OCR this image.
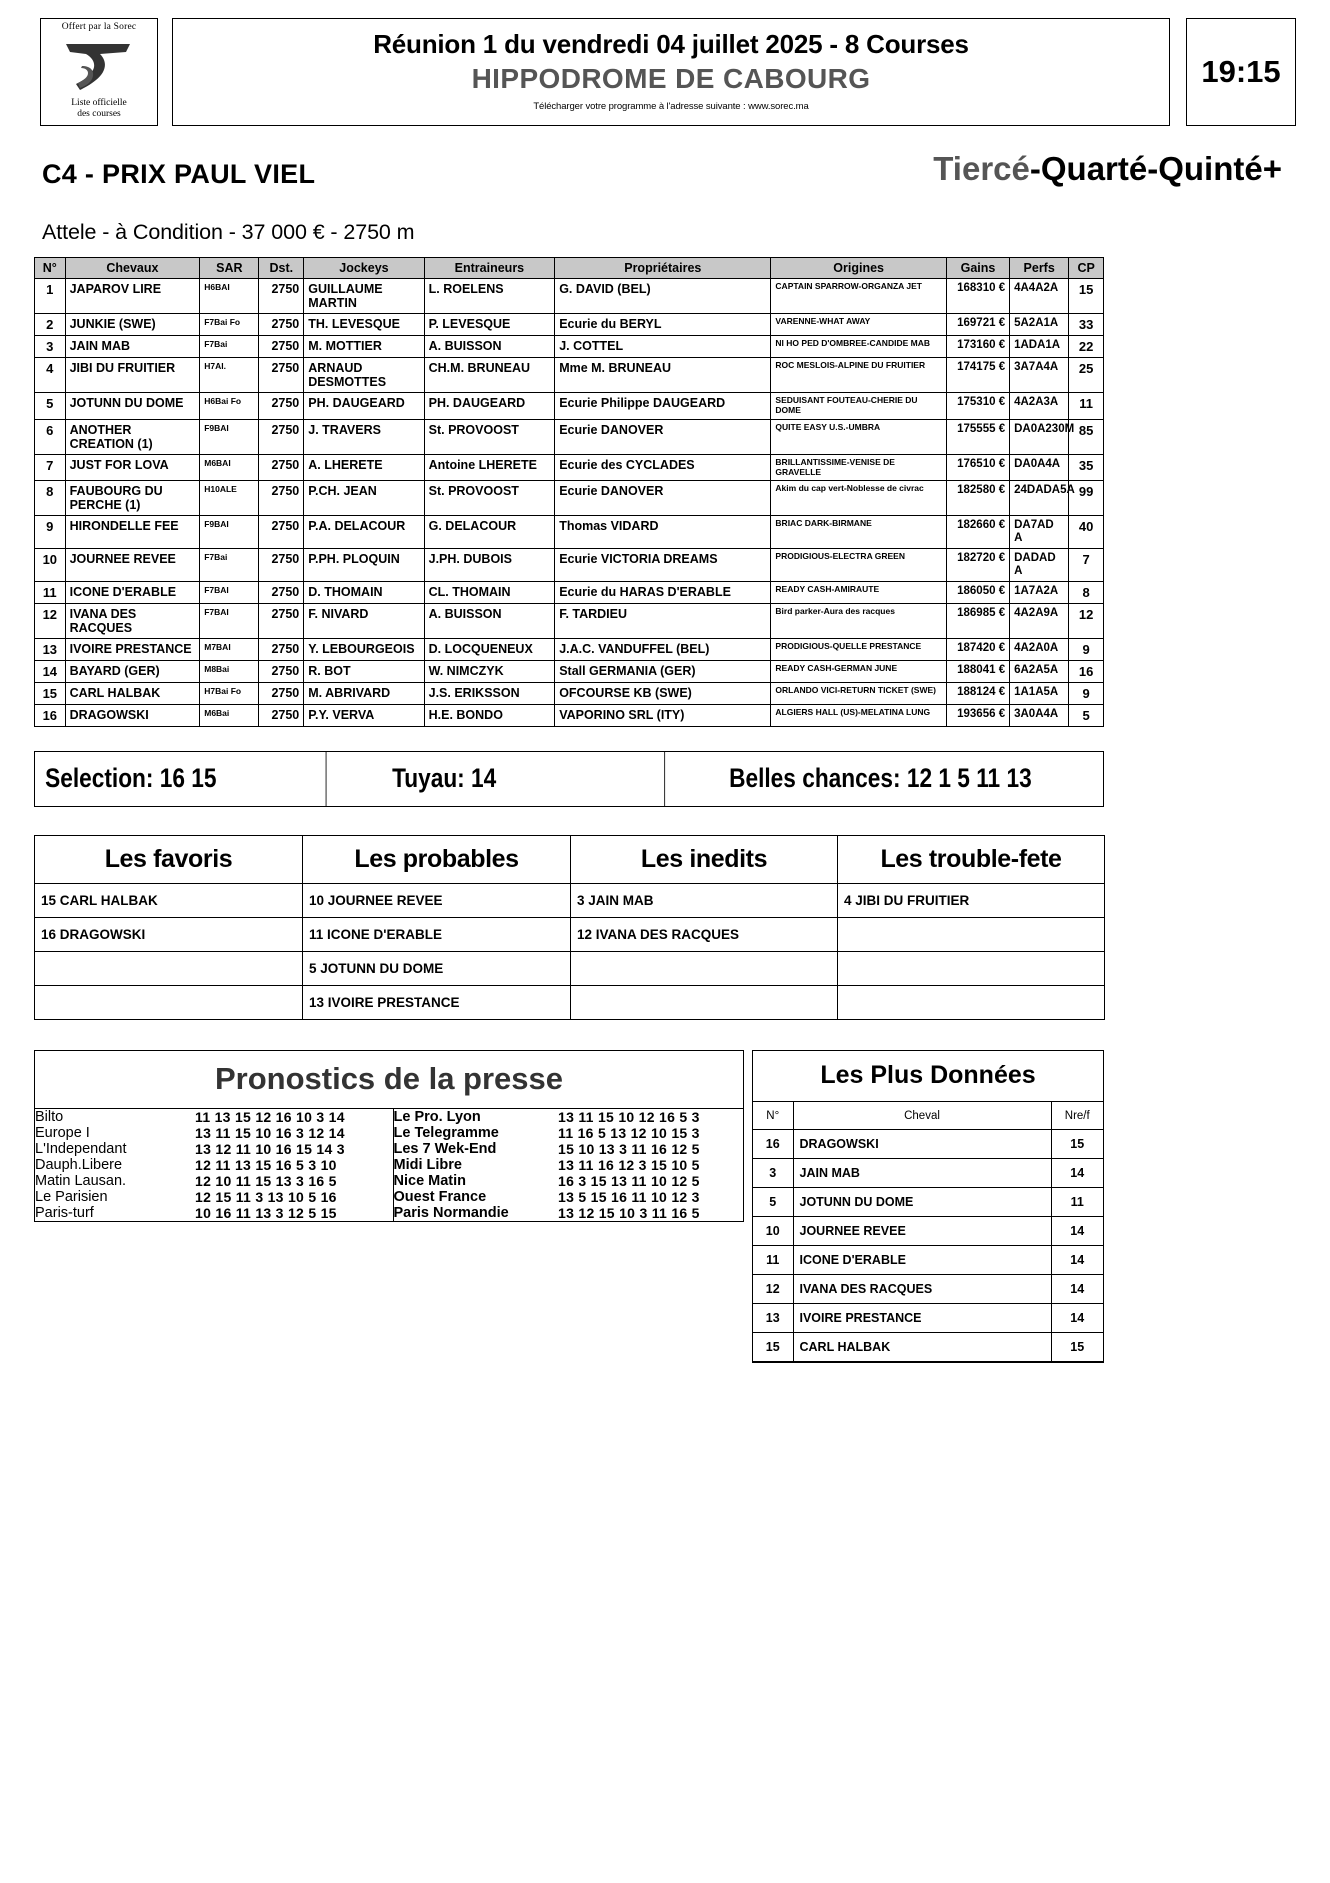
Offert par la Sorec
Liste officielle
des courses
Réunion 1 du vendredi 04 juillet 2025 - 8 Courses
HIPPODROME DE CABOURG
Télécharger votre programme à l'adresse suivante : www.sorec.ma
19:15
Tiercé-Quarté-Quinté+
C4 - PRIX PAUL VIEL
Attele - à Condition - 37 000 € - 2750 m
N°	Chevaux	SAR	Dst.	Jockeys	Entraineurs	Propriétaires	Origines	Gains	Perfs	CP
1	JAPAROV LIRE	H6BAI	2750	GUILLAUME MARTIN	L. ROELENS	G. DAVID (BEL)	CAPTAIN SPARROW-ORGANZA JET	168310 €	4A4A2A	15
2	JUNKIE (SWE)	F7Bai Fo	2750	TH. LEVESQUE	P. LEVESQUE	Ecurie du BERYL	VARENNE-WHAT AWAY	169721 €	5A2A1A	33
3	JAIN MAB	F7Bai	2750	M. MOTTIER	A. BUISSON	J. COTTEL	NI HO PED D'OMBREE-CANDIDE MAB	173160 €	1ADA1A	22
4	JIBI DU FRUITIER	H7AI.	2750	ARNAUD DESMOTTES	CH.M. BRUNEAU	Mme M. BRUNEAU	ROC MESLOIS-ALPINE DU FRUITIER	174175 €	3A7A4A	25
5	JOTUNN DU DOME	H6Bai Fo	2750	PH. DAUGEARD	PH. DAUGEARD	Ecurie Philippe DAUGEARD	SEDUISANT FOUTEAU-CHERIE DU DOME	175310 €	4A2A3A	11
6	ANOTHER CREATION (1)	F9BAI	2750	J. TRAVERS	St. PROVOOST	Ecurie DANOVER	QUITE EASY U.S.-UMBRA	175555 €	DA0A230M	85
7	JUST FOR LOVA	M6BAI	2750	A. LHERETE	Antoine LHERETE	Ecurie des CYCLADES	BRILLANTISSIME-VENISE DE GRAVELLE	176510 €	DA0A4A	35
8	FAUBOURG DU PERCHE (1)	H10ALE	2750	P.CH. JEAN	St. PROVOOST	Ecurie DANOVER	Akim du cap vert-Noblesse de civrac	182580 €	24DADA5A	99
9	HIRONDELLE FEE	F9BAI	2750	P.A. DELACOUR	G. DELACOUR	Thomas VIDARD	BRIAC DARK-BIRMANE	182660 €	DA7AD A	40
10	JOURNEE REVEE	F7Bai	2750	P.PH. PLOQUIN	J.PH. DUBOIS	Ecurie VICTORIA DREAMS	PRODIGIOUS-ELECTRA GREEN	182720 €	DADAD A	7
11	ICONE D'ERABLE	F7BAI	2750	D. THOMAIN	CL. THOMAIN	Ecurie du HARAS D'ERABLE	READY CASH-AMIRAUTE	186050 €	1A7A2A	8
12	IVANA DES RACQUES	F7BAI	2750	F. NIVARD	A. BUISSON	F. TARDIEU	Bird parker-Aura des racques	186985 €	4A2A9A	12
13	IVOIRE PRESTANCE	M7BAI	2750	Y. LEBOURGEOIS	D. LOCQUENEUX	J.A.C. VANDUFFEL (BEL)	PRODIGIOUS-QUELLE PRESTANCE	187420 €	4A2A0A	9
14	BAYARD (GER)	M8Bai	2750	R. BOT	W. NIMCZYK	Stall GERMANIA (GER)	READY CASH-GERMAN JUNE	188041 €	6A2A5A	16
15	CARL HALBAK	H7Bai Fo	2750	M. ABRIVARD	J.S. ERIKSSON	OFCOURSE KB (SWE)	ORLANDO VICI-RETURN TICKET (SWE)	188124 €	1A1A5A	9
16	DRAGOWSKI	M6Bai	2750	P.Y. VERVA	H.E. BONDO	VAPORINO SRL (ITY)	ALGIERS HALL (US)-MELATINA LUNG	193656 €	3A0A4A	5
Selection: 16 15	Tuyau: 14	Belles chances: 12 1 5 11 13
Les favoris	Les probables	Les inedits	Les trouble-fete
15 CARL HALBAK	10 JOURNEE REVEE	3 JAIN MAB	4 JIBI DU FRUITIER
16 DRAGOWSKI	11 ICONE D'ERABLE	12 IVANA DES RACQUES	
	5 JOTUNN DU DOME		
	13 IVOIRE PRESTANCE		
Pronostics de la presse
Bilto	11 13 15 12 16 10 3 14	Le Pro. Lyon	13 11 15 10 12 16 5 3
Europe I	13 11 15 10 16 3 12 14	Le Telegramme	11 16 5 13 12 10 15 3
L'Independant	13 12 11 10 16 15 14 3	Les 7 Wek-End	15 10 13 3 11 16 12 5
Dauph.Libere	12 11 13 15 16 5 3 10	Midi Libre	13 11 16 12 3 15 10 5
Matin Lausan.	12 10 11 15 13 3 16 5	Nice Matin	16 3 15 13 11 10 12 5
Le Parisien	12 15 11 3 13 10 5 16	Ouest France	13 5 15 16 11 10 12 3
Paris-turf	10 16 11 13 3 12 5 15	Paris Normandie	13 12 15 10 3 11 16 5
Les Plus Données
N°	Cheval	Nre/f
16	DRAGOWSKI	15
3	JAIN MAB	14
5	JOTUNN DU DOME	11
10	JOURNEE REVEE	14
11	ICONE D'ERABLE	14
12	IVANA DES RACQUES	14
13	IVOIRE PRESTANCE	14
15	CARL HALBAK	15
